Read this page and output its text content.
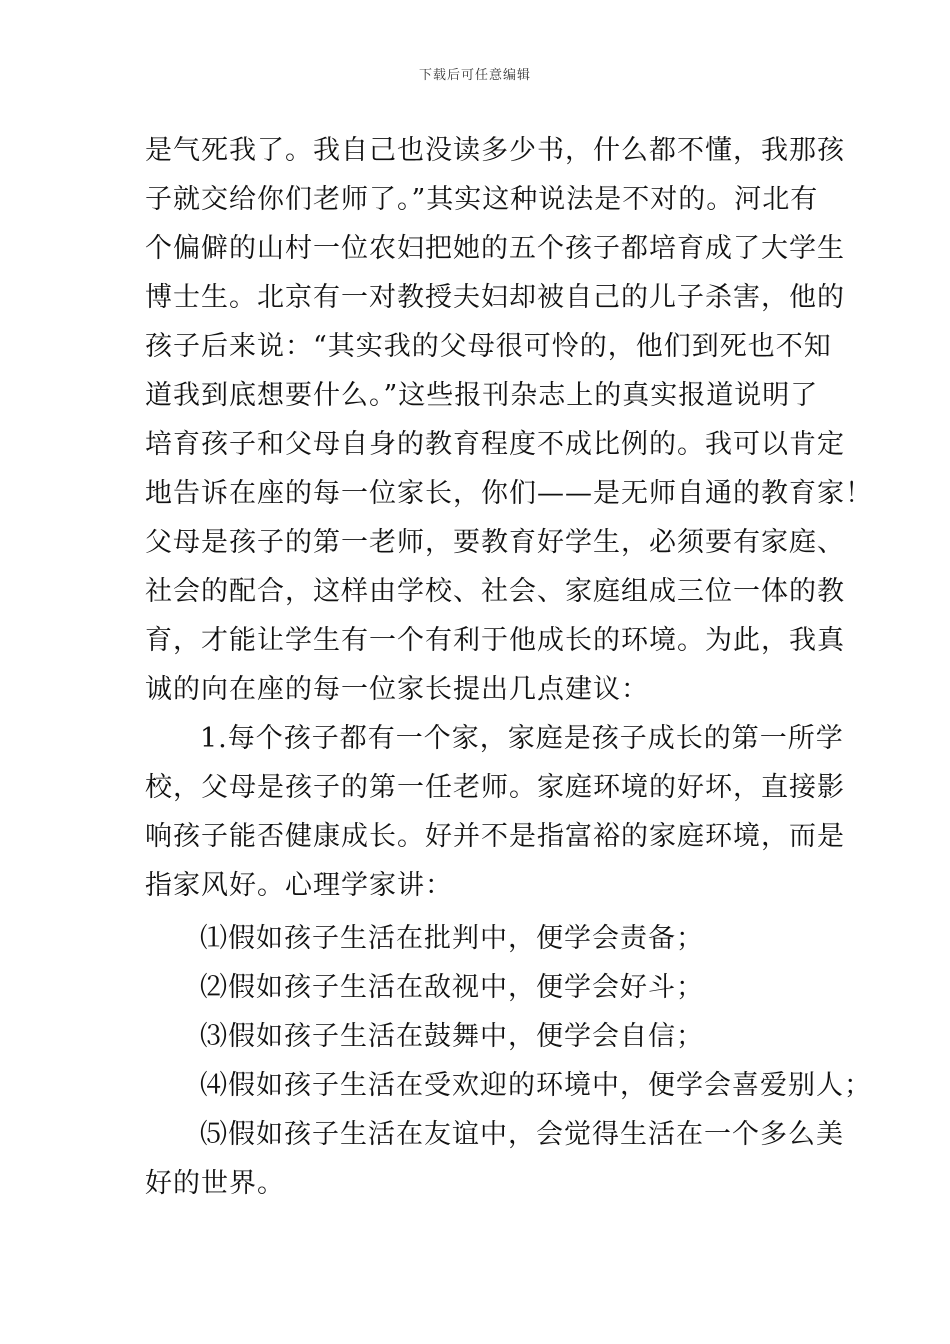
下载后可任意编辑
是气死我了。我自己也没读多少书，什么都不懂，我那孩
子就交给你们老师了。”其实这种说法是不对的。河北有
个偏僻的山村一位农妇把她的五个孩子都培育成了大学生
博士生。北京有一对教授夫妇却被自己的儿子杀害，他的
孩子后来说：“其实我的父母很可怜的，他们到死也不知
道我到底想要什么。”这些报刊杂志上的真实报道说明了
培育孩子和父母自身的教育程度不成比例的。我可以肯定
地告诉在座的每一位家长，你们——是无师自通的教育家！
父母是孩子的第一老师，要教育好学生，必须要有家庭、
社会的配合，这样由学校、社会、家庭组成三位一体的教
育，才能让学生有一个有利于他成长的环境。为此，我真
诚的向在座的每一位家长提出几点建议：
1.每个孩子都有一个家，家庭是孩子成长的第一所学
校，父母是孩子的第一任老师。家庭环境的好坏，直接影
响孩子能否健康成长。好并不是指富裕的家庭环境，而是
指家风好。心理学家讲：
⑴假如孩子生活在批判中，便学会责备；
⑵假如孩子生活在敌视中，便学会好斗；
⑶假如孩子生活在鼓舞中，便学会自信；
⑷假如孩子生活在受欢迎的环境中，便学会喜爱别人；
⑸假如孩子生活在友谊中，会觉得生活在一个多么美
好的世界。
